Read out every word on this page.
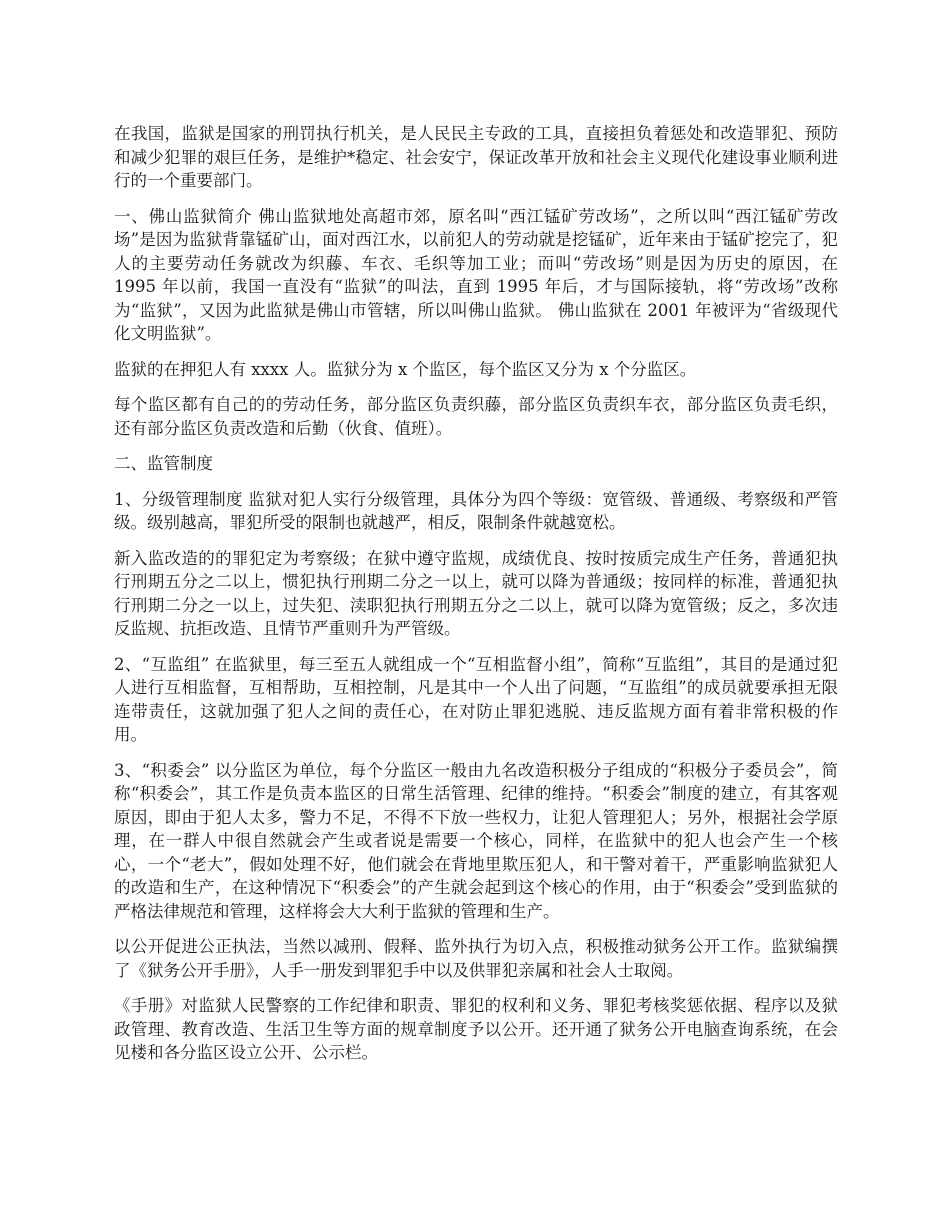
在我国，监狱是国家的刑罚执行机关，是人民民主专政的工具，直接担负着惩处和改造罪犯、预防和减少犯罪的艰巨任务，是维护*稳定、社会安宁，保证改革开放和社会主义现代化建设事业顺利进行的一个重要部门。

一、佛山监狱简介 佛山监狱地处高超市郊，原名叫“西江锰矿劳改场”，之所以叫“西江锰矿劳改场”是因为监狱背靠锰矿山，面对西江水，以前犯人的劳动就是挖锰矿，近年来由于锰矿挖完了，犯人的主要劳动任务就改为织藤、车衣、毛织等加工业；而叫“劳改场”则是因为历史的原因，在 1995 年以前，我国一直没有“监狱”的叫法，直到 1995 年后，才与国际接轨，将“劳改场”改称为“监狱”，又因为此监狱是佛山市管辖，所以叫佛山监狱。 佛山监狱在 2001 年被评为“省级现代化文明监狱”。

监狱的在押犯人有 xxxx 人。监狱分为 x 个监区，每个监区又分为 x 个分监区。

每个监区都有自己的的劳动任务，部分监区负责织藤，部分监区负责织车衣，部分监区负责毛织，还有部分监区负责改造和后勤（伙食、值班）。

二、监管制度

1、分级管理制度 监狱对犯人实行分级管理，具体分为四个等级：宽管级、普通级、考察级和严管级。级别越高，罪犯所受的限制也就越严，相反，限制条件就越宽松。

新入监改造的的罪犯定为考察级；在狱中遵守监规，成绩优良、按时按质完成生产任务，普通犯执行刑期五分之二以上，惯犯执行刑期二分之一以上，就可以降为普通级；按同样的标准，普通犯执行刑期二分之一以上，过失犯、渎职犯执行刑期五分之二以上，就可以降为宽管级；反之，多次违反监规、抗拒改造、且情节严重则升为严管级。

2、“互监组” 在监狱里，每三至五人就组成一个“互相监督小组”，简称“互监组”，其目的是通过犯人进行互相监督，互相帮助，互相控制，凡是其中一个人出了问题，“互监组”的成员就要承担无限连带责任，这就加强了犯人之间的责任心，在对防止罪犯逃脱、违反监规方面有着非常积极的作用。

3、“积委会” 以分监区为单位，每个分监区一般由九名改造积极分子组成的“积极分子委员会”，简称“积委会”，其工作是负责本监区的日常生活管理、纪律的维持。“积委会”制度的建立，有其客观原因，即由于犯人太多，警力不足，不得不下放一些权力，让犯人管理犯人；另外，根据社会学原理，在一群人中很自然就会产生或者说是需要一个核心，同样，在监狱中的犯人也会产生一个核心，一个“老大”，假如处理不好，他们就会在背地里欺压犯人，和干警对着干，严重影响监狱犯人的改造和生产，在这种情况下“积委会”的产生就会起到这个核心的作用，由于“积委会”受到监狱的严格法律规范和管理，这样将会大大利于监狱的管理和生产。

以公开促进公正执法，当然以减刑、假释、监外执行为切入点，积极推动狱务公开工作。监狱编撰了《狱务公开手册》，人手一册发到罪犯手中以及供罪犯亲属和社会人士取阅。

《手册》对监狱人民警察的工作纪律和职责、罪犯的权利和义务、罪犯考核奖惩依据、程序以及狱政管理、教育改造、生活卫生等方面的规章制度予以公开。还开通了狱务公开电脑查询系统，在会见楼和各分监区设立公开、公示栏。
